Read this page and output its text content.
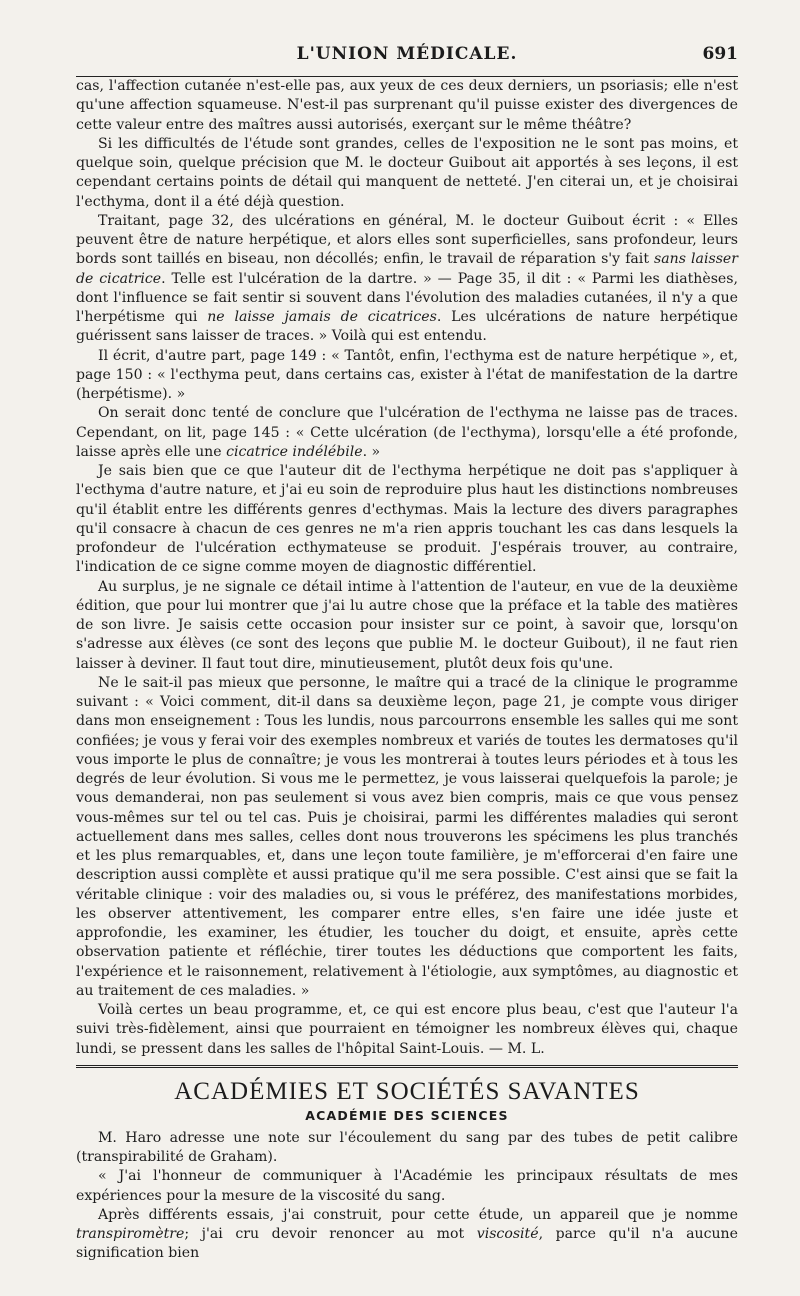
L'UNION MÉDICALE.	691

cas, l'affection cutanée n'est-elle pas, aux yeux de ces deux derniers, un psoriasis; elle n'est qu'une affection squameuse. N'est-il pas surprenant qu'il puisse exister des divergences de cette valeur entre des maîtres aussi autorisés, exerçant sur le même théâtre?

Si les difficultés de l'étude sont grandes, celles de l'exposition ne le sont pas moins, et quelque soin, quelque précision que M. le docteur Guibout ait apportés à ses leçons, il est cependant certains points de détail qui manquent de netteté. J'en citerai un, et je choisirai l'ecthyma, dont il a été déjà question.

Traitant, page 32, des ulcérations en général, M. le docteur Guibout écrit : « Elles peuvent être de nature herpétique, et alors elles sont superficielles, sans profondeur, leurs bords sont taillés en biseau, non décollés; enfin, le travail de réparation s'y fait sans laisser de cicatrice. Telle est l'ulcération de la dartre. » — Page 35, il dit : « Parmi les diathèses, dont l'influence se fait sentir si souvent dans l'évolution des maladies cutanées, il n'y a que l'herpétisme qui ne laisse jamais de cicatrices. Les ulcérations de nature herpétique guérissent sans laisser de traces. » Voilà qui est entendu.

Il écrit, d'autre part, page 149 : « Tantôt, enfin, l'ecthyma est de nature herpétique », et, page 150 : « l'ecthyma peut, dans certains cas, exister à l'état de manifestation de la dartre (herpétisme). »

On serait donc tenté de conclure que l'ulcération de l'ecthyma ne laisse pas de traces. Cependant, on lit, page 145 : « Cette ulcération (de l'ecthyma), lorsqu'elle a été profonde, laisse après elle une cicatrice indélébile. »

Je sais bien que ce que l'auteur dit de l'ecthyma herpétique ne doit pas s'appliquer à l'ecthyma d'autre nature, et j'ai eu soin de reproduire plus haut les distinctions nombreuses qu'il établit entre les différents genres d'ecthymas. Mais la lecture des divers paragraphes qu'il consacre à chacun de ces genres ne m'a rien appris touchant les cas dans lesquels la profondeur de l'ulcération ecthymateuse se produit. J'espérais trouver, au contraire, l'indication de ce signe comme moyen de diagnostic différentiel.

Au surplus, je ne signale ce détail intime à l'attention de l'auteur, en vue de la deuxième édition, que pour lui montrer que j'ai lu autre chose que la préface et la table des matières de son livre. Je saisis cette occasion pour insister sur ce point, à savoir que, lorsqu'on s'adresse aux élèves (ce sont des leçons que publie M. le docteur Guibout), il ne faut rien laisser à deviner. Il faut tout dire, minutieusement, plutôt deux fois qu'une.

Ne le sait-il pas mieux que personne, le maître qui a tracé de la clinique le programme suivant : « Voici comment, dit-il dans sa deuxième leçon, page 21, je compte vous diriger dans mon enseignement : Tous les lundis, nous parcourrons ensemble les salles qui me sont confiées; je vous y ferai voir des exemples nombreux et variés de toutes les dermatoses qu'il vous importe le plus de connaître; je vous les montrerai à toutes leurs périodes et à tous les degrés de leur évolution. Si vous me le permettez, je vous laisserai quelquefois la parole; je vous demanderai, non pas seulement si vous avez bien compris, mais ce que vous pensez vous-mêmes sur tel ou tel cas. Puis je choisirai, parmi les différentes maladies qui seront actuellement dans mes salles, celles dont nous trouverons les spécimens les plus tranchés et les plus remarquables, et, dans une leçon toute familière, je m'efforcerai d'en faire une description aussi complète et aussi pratique qu'il me sera possible. C'est ainsi que se fait la véritable clinique : voir des maladies ou, si vous le préférez, des manifestations morbides, les observer attentivement, les comparer entre elles, s'en faire une idée juste et approfondie, les examiner, les étudier, les toucher du doigt, et ensuite, après cette observation patiente et réfléchie, tirer toutes les déductions que comportent les faits, l'expérience et le raisonnement, relativement à l'étiologie, aux symptômes, au diagnostic et au traitement de ces maladies. »

Voilà certes un beau programme, et, ce qui est encore plus beau, c'est que l'auteur l'a suivi très-fidèlement, ainsi que pourraient en témoigner les nombreux élèves qui, chaque lundi, se pressent dans les salles de l'hôpital Saint-Louis. — M. L.

ACADÉMIES ET SOCIÉTÉS SAVANTES
ACADÉMIE DES SCIENCES

M. Haro adresse une note sur l'écoulement du sang par des tubes de petit calibre (transpirabilité de Graham).

« J'ai l'honneur de communiquer à l'Académie les principaux résultats de mes expériences pour la mesure de la viscosité du sang.

Après différents essais, j'ai construit, pour cette étude, un appareil que je nomme transpiromètre; j'ai cru devoir renoncer au mot viscosité, parce qu'il n'a aucune signification bien
